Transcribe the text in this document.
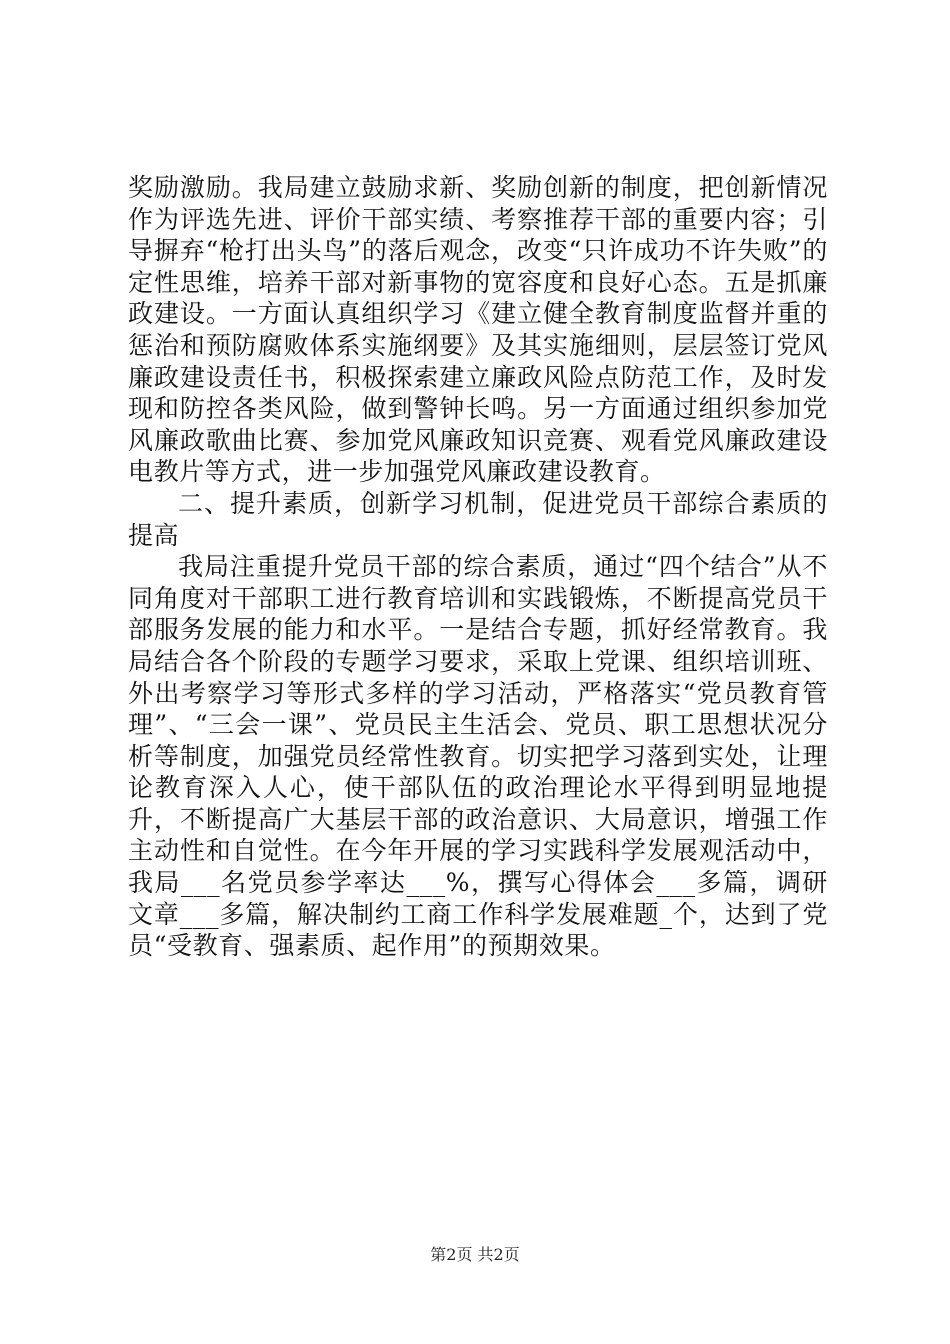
奖励激励。我局建立鼓励求新、奖励创新的制度，把创新情况作为评选先进、评价干部实绩、考察推荐干部的重要内容；引导摒弃“枪打出头鸟”的落后观念，改变“只许成功不许失败”的定性思维，培养干部对新事物的宽容度和良好心态。五是抓廉政建设。一方面认真组织学习《建立健全教育制度监督并重的惩治和预防腐败体系实施纲要》及其实施细则，层层签订党风廉政建设责任书，积极探索建立廉政风险点防范工作，及时发现和防控各类风险，做到警钟长鸣。另一方面通过组织参加党风廉政歌曲比赛、参加党风廉政知识竞赛、观看党风廉政建设电教片等方式，进一步加强党风廉政建设教育。

二、提升素质，创新学习机制，促进党员干部综合素质的提高

我局注重提升党员干部的综合素质，通过“四个结合”从不同角度对干部职工进行教育培训和实践锻炼，不断提高党员干部服务发展的能力和水平。一是结合专题，抓好经常教育。我局结合各个阶段的专题学习要求，采取上党课、组织培训班、外出考察学习等形式多样的学习活动，严格落实“党员教育管理”、“三会一课”、党员民主生活会、党员、职工思想状况分析等制度，加强党员经常性教育。切实把学习落到实处，让理论教育深入人心，使干部队伍的政治理论水平得到明显地提升，不断提高广大基层干部的政治意识、大局意识，增强工作主动性和自觉性。在今年开展的学习实践科学发展观活动中，我局___名党员参学率达___%，撰写心得体会___多篇，调研文章___多篇，解决制约工商工作科学发展难题_个，达到了党员“受教育、强素质、起作用”的预期效果。

第2页 共2页
